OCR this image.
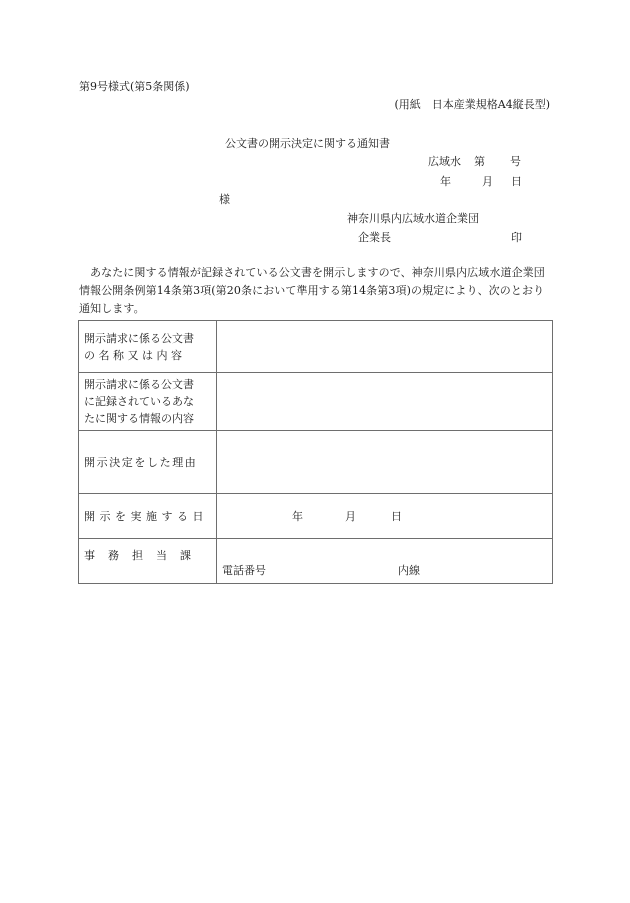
第9号様式(第5条関係)
(用紙　日本産業規格A4縦長型)
公文書の開示決定に関する通知書
広域水 第 号
年	月 日
様
神奈川県内広域水道企業団
企業長	印
あなたに関する情報が記録されている公文書を開示しますので、神奈川県内広域水道企業団情報公開条例第14条第3項(第20条において準用する第14条第3項)の規定により、次のとおり通知します。
開示請求に係る公文書
の名称又は内容	

開示請求に係る公文書
に記録されているあな
たに関する情報の内容	

開示決定をした理由	

開示を実施する日	年 月 日

事務担当課	電話番号 内線
